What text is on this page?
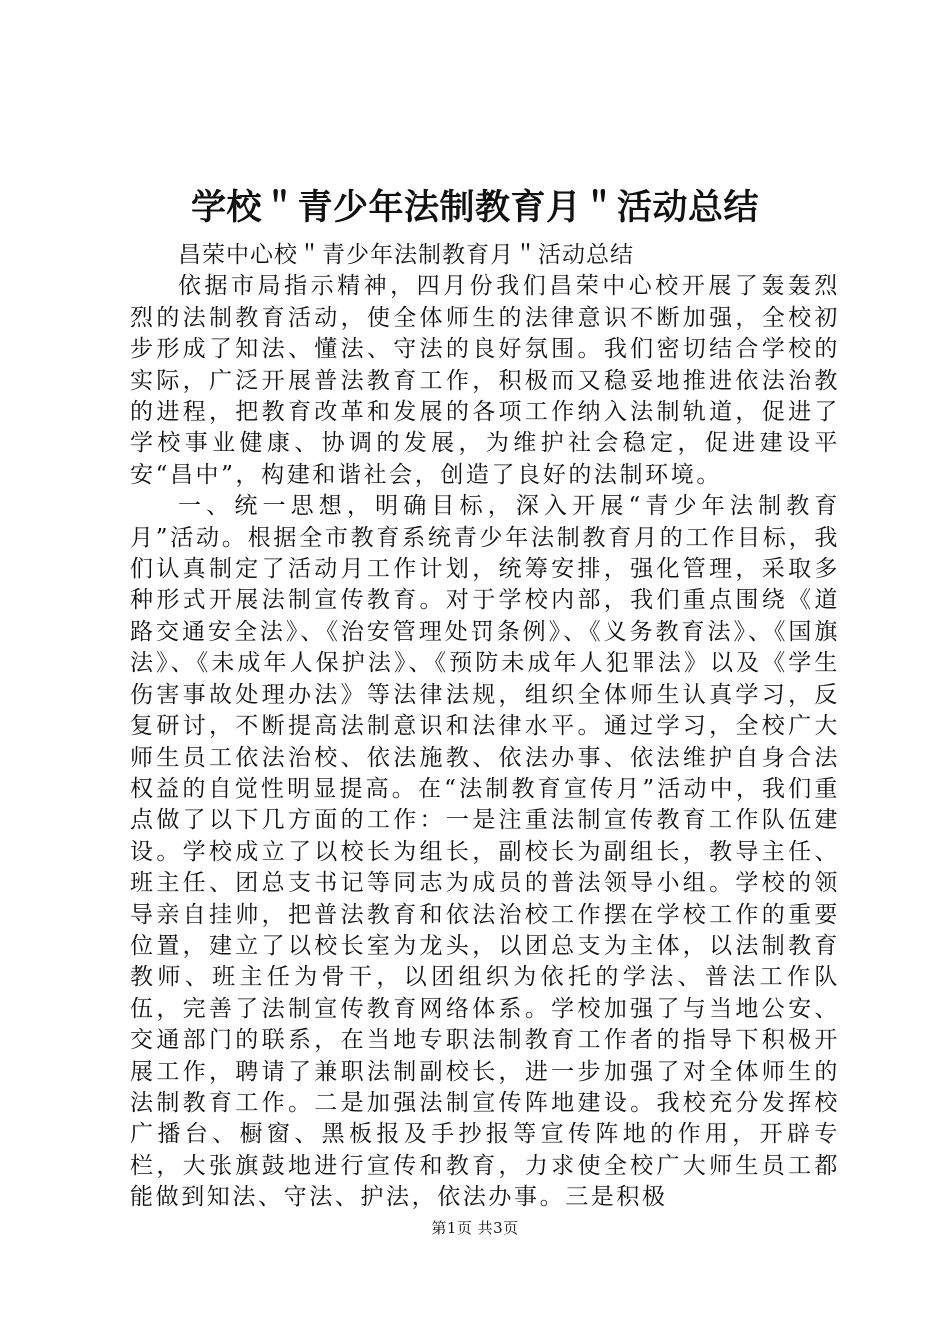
学校＂青少年法制教育月＂活动总结

昌荣中心校＂青少年法制教育月＂活动总结

依据市局指示精神，四月份我们昌荣中心校开展了轰轰烈烈的法制教育活动，使全体师生的法律意识不断加强，全校初步形成了知法、懂法、守法的良好氛围。我们密切结合学校的实际，广泛开展普法教育工作，积极而又稳妥地推进依法治教的进程，把教育改革和发展的各项工作纳入法制轨道，促进了学校事业健康、协调的发展，为维护社会稳定，促进建设平安“昌中”，构建和谐社会，创造了良好的法制环境。

一、统一思想，明确目标，深入开展“青少年法制教育月”活动。根据全市教育系统青少年法制教育月的工作目标，我们认真制定了活动月工作计划，统筹安排，强化管理，采取多种形式开展法制宣传教育。对于学校内部，我们重点围绕《道路交通安全法》、《治安管理处罚条例》、《义务教育法》、《国旗法》、《未成年人保护法》、《预防未成年人犯罪法》以及《学生伤害事故处理办法》等法律法规，组织全体师生认真学习，反复研讨，不断提高法制意识和法律水平。通过学习，全校广大师生员工依法治校、依法施教、依法办事、依法维护自身合法权益的自觉性明显提高。在“法制教育宣传月”活动中，我们重点做了以下几方面的工作：一是注重法制宣传教育工作队伍建设。学校成立了以校长为组长，副校长为副组长，教导主任、班主任、团总支书记等同志为成员的普法领导小组。学校的领导亲自挂帅，把普法教育和依法治校工作摆在学校工作的重要位置，建立了以校长室为龙头，以团总支为主体，以法制教育教师、班主任为骨干，以团组织为依托的学法、普法工作队伍，完善了法制宣传教育网络体系。学校加强了与当地公安、交通部门的联系，在当地专职法制教育工作者的指导下积极开展工作，聘请了兼职法制副校长，进一步加强了对全体师生的法制教育工作。二是加强法制宣传阵地建设。我校充分发挥校广播台、橱窗、黑板报及手抄报等宣传阵地的作用，开辟专栏，大张旗鼓地进行宣传和教育，力求使全校广大师生员工都能做到知法、守法、护法，依法办事。三是积极

第1页 共3页
